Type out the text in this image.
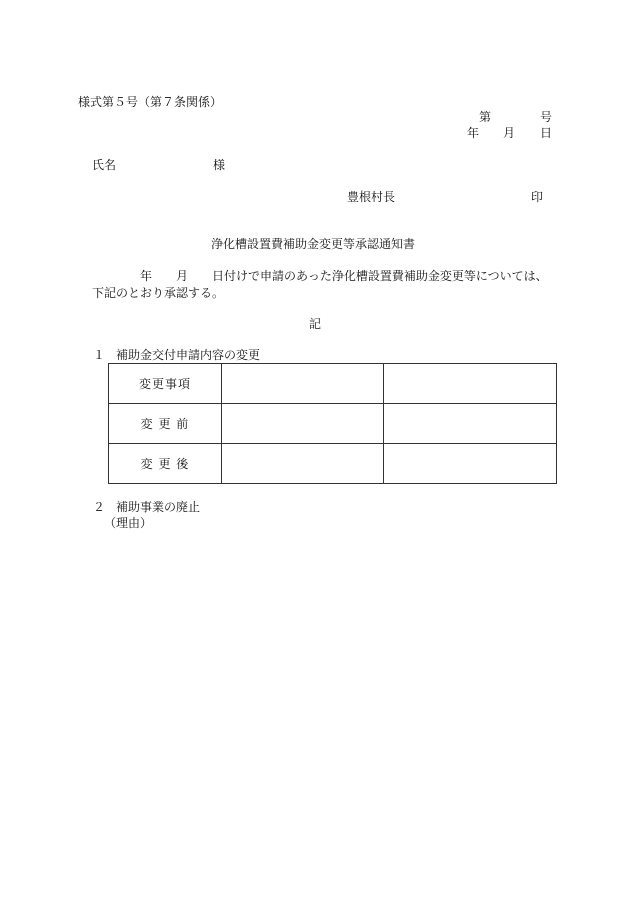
様式第５号（第７条関係）
第	号
年 月 日
氏名	様
豊根村長	印
浄化槽設置費補助金変更等承認通知書
年 月 日付けで申請のあった浄化槽設置費補助金変更等については、
下記のとおり承認する。
記
１ 補助金交付申請内容の変更
変更事項		
変 更 前		
変 更 後		
２ 補助事業の廃止
（理由）
